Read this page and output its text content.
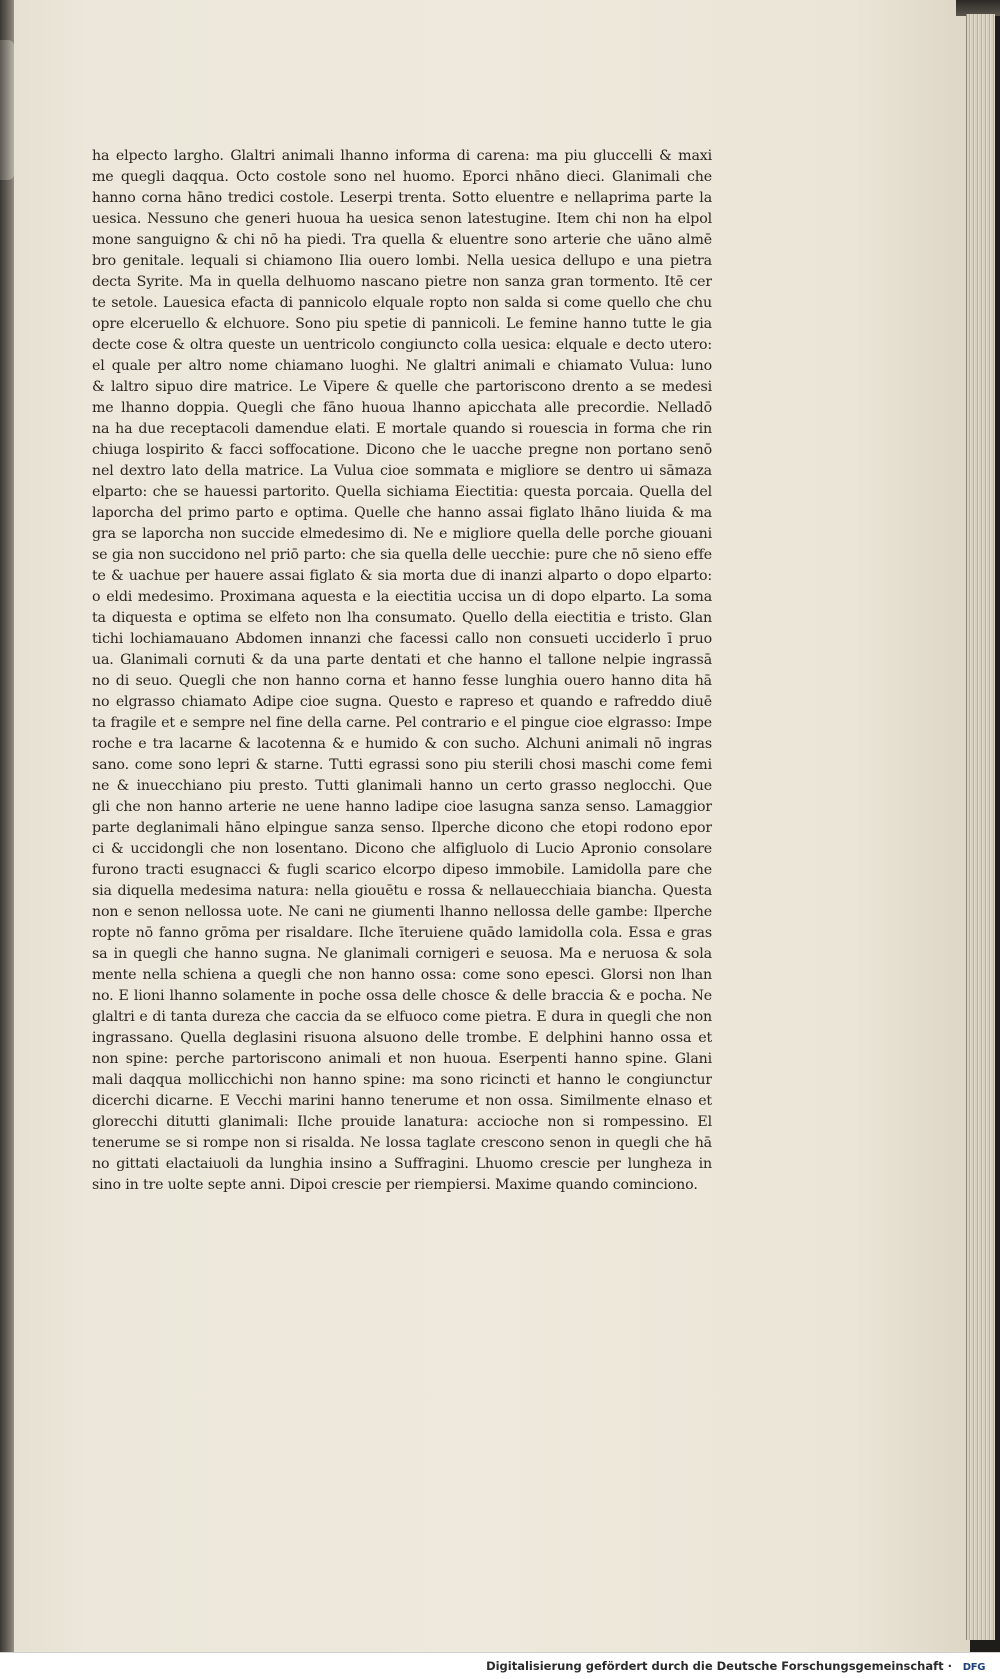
ha elpecto largho. Glaltri animali lhanno informa di carena: ma piu gluccelli & maxi
me quegli daqqua. Octo costole sono nel huomo. Eporci nhāno dieci. Glanimali che
hanno corna hāno tredici costole. Leserpi trenta. Sotto eluentre e nellaprima parte la
uesica. Nessuno che generi huoua ha uesica senon latestugine. Item chi non ha elpol
mone sanguigno & chi nō ha piedi. Tra quella & eluentre sono arterie che uāno almē
bro genitale. lequali si chiamono Ilia ouero lombi. Nella uesica dellupo e una pietra
decta Syrite. Ma in quella delhuomo nascano pietre non sanza gran tormento. Itē cer
te setole. Lauesica efacta di pannicolo elquale ropto non salda si come quello che chu
opre elceruello & elchuore. Sono piu spetie di pannicoli. Le femine hanno tutte le gia
decte cose & oltra queste un uentricolo congiuncto colla uesica: elquale e decto utero:
el quale per altro nome chiamano luoghi. Ne glaltri animali e chiamato Vulua: luno
& laltro sipuo dire matrice. Le Vipere & quelle che partoriscono drento a se medesi
me lhanno doppia. Quegli che fāno huoua lhanno apicchata alle precordie. Nelladō
na ha due receptacoli damendue elati. E mortale quando si rouescia in forma che rin
chiuga lospirito & facci soffocatione. Dicono che le uacche pregne non portano senō
nel dextro lato della matrice. La Vulua cioe sommata e migliore se dentro ui sāmaza
elparto: che se hauessi partorito. Quella sichiama Eiectitia: questa porcaia. Quella del
laporcha del primo parto e optima. Quelle che hanno assai figlato lhāno liuida & ma
gra se laporcha non succide elmedesimo di. Ne e migliore quella delle porche giouani
se gia non succidono nel priō parto: che sia quella delle uecchie: pure che nō sieno effe
te & uachue per hauere assai figlato & sia morta due di inanzi alparto o dopo elparto:
o eldi medesimo. Proximana aquesta e la eiectitia uccisa un di dopo elparto. La soma
ta diquesta e optima se elfeto non lha consumato. Quello della eiectitia e tristo. Glan
tichi lochiamauano Abdomen innanzi che facessi callo non consueti ucciderlo ī pruo
ua. Glanimali cornuti & da una parte dentati et che hanno el tallone nelpie ingrassā
no di seuo. Quegli che non hanno corna et hanno fesse lunghia ouero hanno dita hā
no elgrasso chiamato Adipe cioe sugna. Questo e rapreso et quando e rafreddo diuē
ta fragile et e sempre nel fine della carne. Pel contrario e el pingue cioe elgrasso: Impe
roche e tra lacarne & lacotenna & e humido & con sucho. Alchuni animali nō ingras
sano. come sono lepri & starne. Tutti egrassi sono piu sterili chosi maschi come femi
ne & inuecchiano piu presto. Tutti glanimali hanno un certo grasso neglocchi. Que
gli che non hanno arterie ne uene hanno ladipe cioe lasugna sanza senso. Lamaggior
parte deglanimali hāno elpingue sanza senso. Ilperche dicono che etopi rodono epor
ci & uccidongli che non losentano. Dicono che alfigluolo di Lucio Apronio consolare
furono tracti esugnacci & fugli scarico elcorpo dipeso immobile. Lamidolla pare che
sia diquella medesima natura: nella giouētu e rossa & nellauecchiaia biancha. Questa
non e senon nellossa uote. Ne cani ne giumenti lhanno nellossa delle gambe: Ilperche
ropte nō fanno grōma per risaldare. Ilche īteruiene quādo lamidolla cola. Essa e gras
sa in quegli che hanno sugna. Ne glanimali cornigeri e seuosa. Ma e neruosa & sola
mente nella schiena a quegli che non hanno ossa: come sono epesci. Glorsi non lhan
no. E lioni lhanno solamente in poche ossa delle chosce & delle braccia & e pocha. Ne
glaltri e di tanta dureza che caccia da se elfuoco come pietra. E dura in quegli che non
ingrassano. Quella deglasini risuona alsuono delle trombe. E delphini hanno ossa et
non spine: perche partoriscono animali et non huoua. Eserpenti hanno spine. Glani
mali daqqua mollicchichi non hanno spine: ma sono ricincti et hanno le congiunctur
dicerchi dicarne. E Vecchi marini hanno tenerume et non ossa. Similmente elnaso et
glorecchi ditutti glanimali: Ilche prouide lanatura: accioche non si rompessino. El
tenerume se si rompe non si risalda. Ne lossa taglate crescono senon in quegli che hā
no gittati elactaiuoli da lunghia insino a Suffragini. Lhuomo crescie per lungheza in
sino in tre uolte septe anni. Dipoi crescie per riempiersi. Maxime quando cominciono.
Digitalisierung gefördert durch die Deutsche Forschungsgemeinschaft ·	DFG
